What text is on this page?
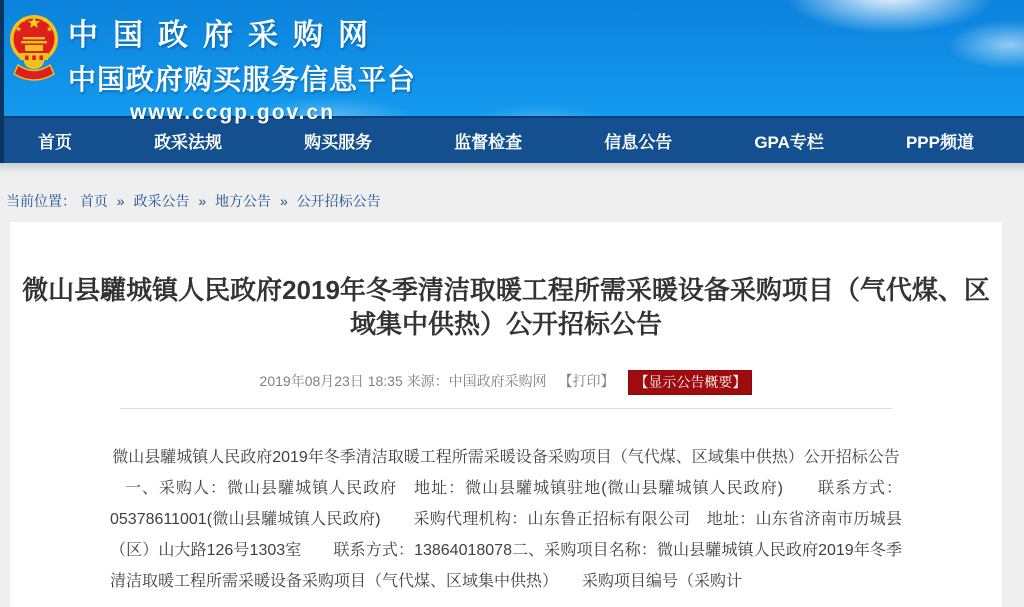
中国政府采购网
中国政府购买服务信息平台
www.ccgp.gov.cn
首页	政采法规	购买服务	监督检查	信息公告	GPA专栏	PPP频道
当前位置： 首页 » 政采公告 » 地方公告 » 公开招标公告
微山县驩城镇人民政府2019年冬季清洁取暖工程所需采暖设备采购项目（气代煤、区域集中供热）公开招标公告
2019年08月23日 18:35 来源：中国政府采购网 【打印】 【显示公告概要】

微山县驩城镇人民政府2019年冬季清洁取暖工程所需采暖设备采购项目（气代煤、区域集中供热）公开招标公告

一、采购人：微山县驩城镇人民政府　地址：微山县驩城镇驻地(微山县驩城镇人民政府)　　联系方式：05378611001(微山县驩城镇人民政府)　　采购代理机构：山东鲁正招标有限公司　地址：山东省济南市历城县（区）山大路126号1303室　　联系方式：13864018078二、采购项目名称：微山县驩城镇人民政府2019年冬季清洁取暖工程所需采暖设备采购项目（气代煤、区域集中供热）　　采购项目编号（采购计
